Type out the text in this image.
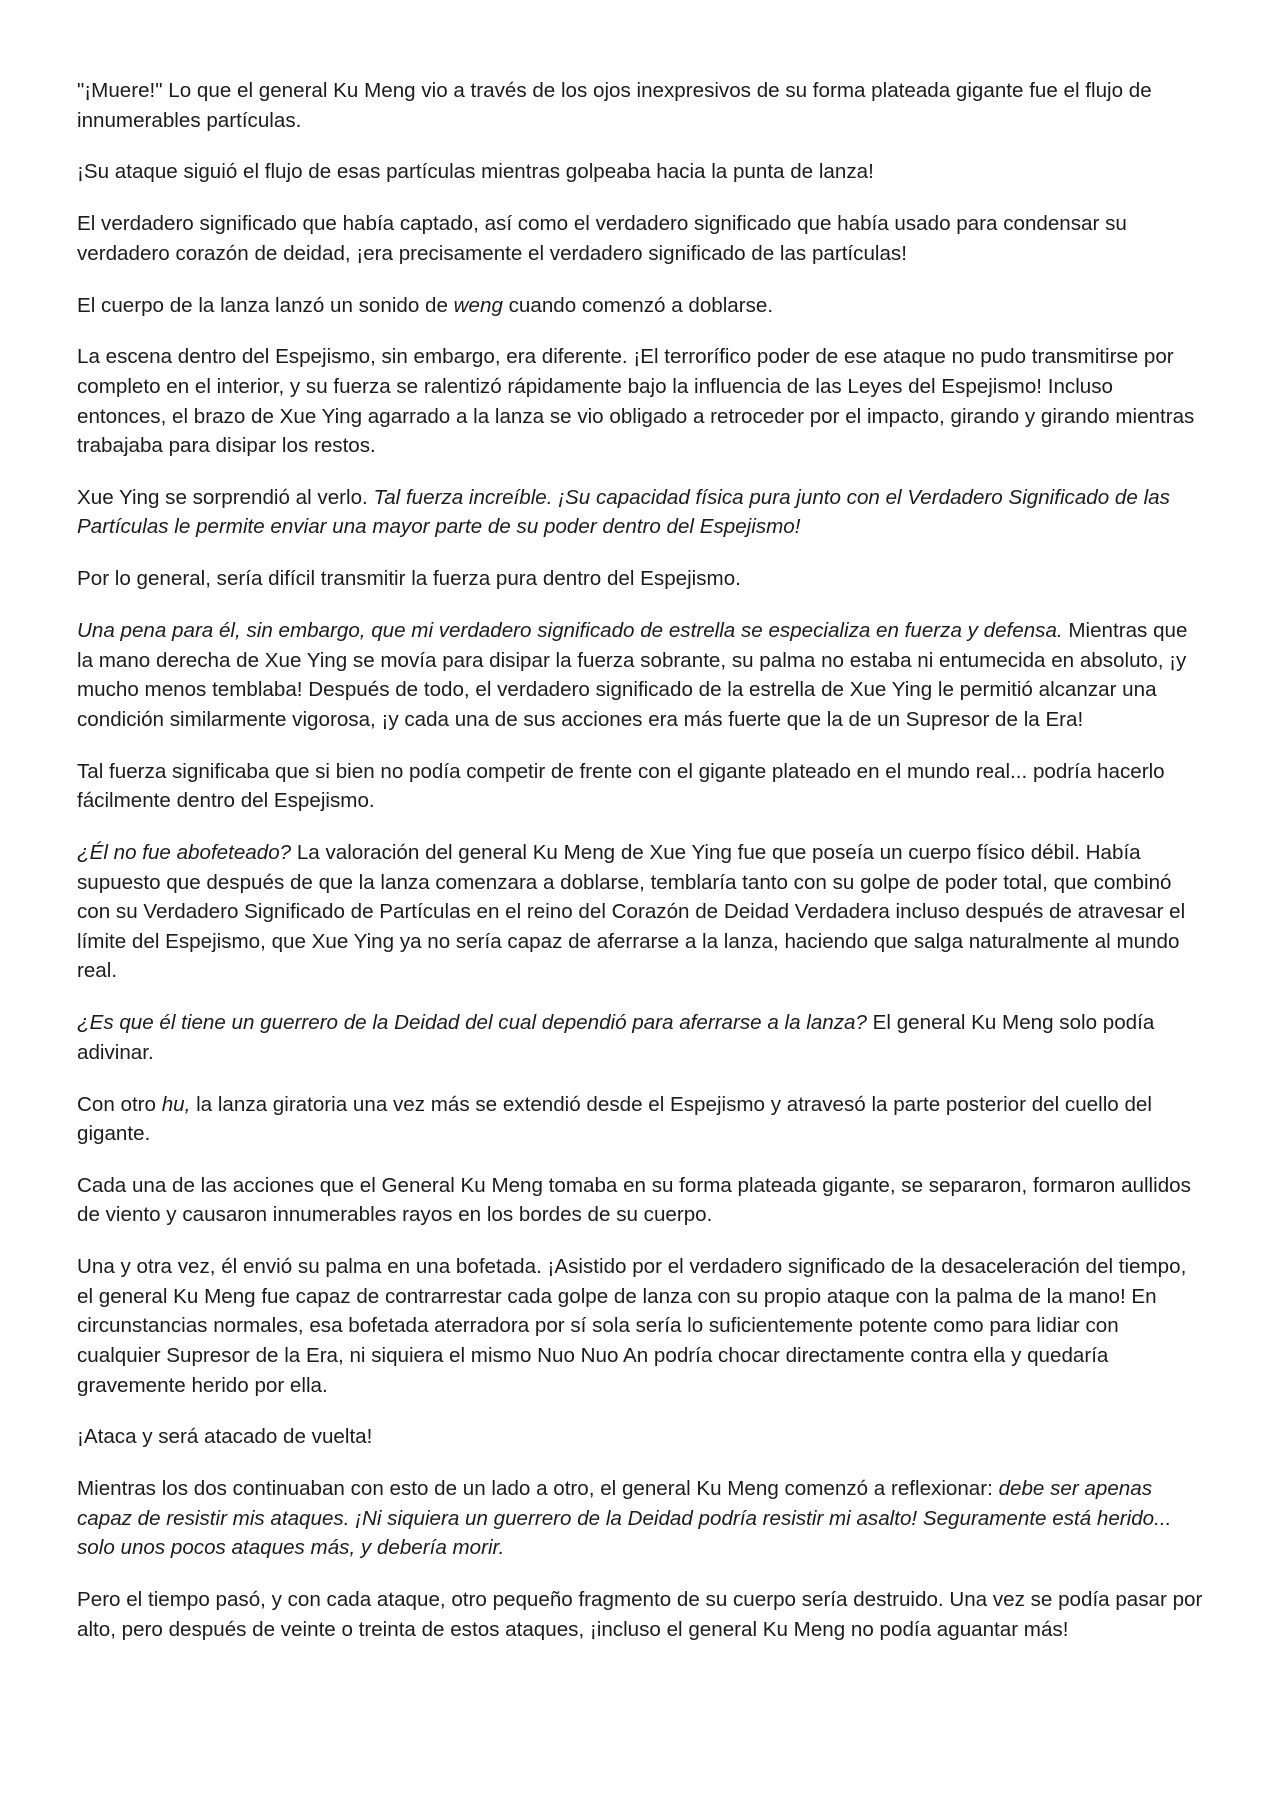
"¡Muere!" Lo que el general Ku Meng vio a través de los ojos inexpresivos de su forma plateada gigante fue el flujo de innumerables partículas.

¡Su ataque siguió el flujo de esas partículas mientras golpeaba hacia la punta de lanza!

El verdadero significado que había captado, así como el verdadero significado que había usado para condensar su verdadero corazón de deidad, ¡era precisamente el verdadero significado de las partículas!

El cuerpo de la lanza lanzó un sonido de weng cuando comenzó a doblarse.

La escena dentro del Espejismo, sin embargo, era diferente. ¡El terrorífico poder de ese ataque no pudo transmitirse por completo en el interior, y su fuerza se ralentizó rápidamente bajo la influencia de las Leyes del Espejismo! Incluso entonces, el brazo de Xue Ying agarrado a la lanza se vio obligado a retroceder por el impacto, girando y girando mientras trabajaba para disipar los restos.

Xue Ying se sorprendió al verlo. Tal fuerza increíble. ¡Su capacidad física pura junto con el Verdadero Significado de las Partículas le permite enviar una mayor parte de su poder dentro del Espejismo!

Por lo general, sería difícil transmitir la fuerza pura dentro del Espejismo.

Una pena para él, sin embargo, que mi verdadero significado de estrella se especializa en fuerza y defensa. Mientras que la mano derecha de Xue Ying se movía para disipar la fuerza sobrante, su palma no estaba ni entumecida en absoluto, ¡y mucho menos temblaba! Después de todo, el verdadero significado de la estrella de Xue Ying le permitió alcanzar una condición similarmente vigorosa, ¡y cada una de sus acciones era más fuerte que la de un Supresor de la Era!

Tal fuerza significaba que si bien no podía competir de frente con el gigante plateado en el mundo real... podría hacerlo fácilmente dentro del Espejismo.

¿Él no fue abofeteado? La valoración del general Ku Meng de Xue Ying fue que poseía un cuerpo físico débil. Había supuesto que después de que la lanza comenzara a doblarse, temblaría tanto con su golpe de poder total, que combinó con su Verdadero Significado de Partículas en el reino del Corazón de Deidad Verdadera incluso después de atravesar el límite del Espejismo, que Xue Ying ya no sería capaz de aferrarse a la lanza, haciendo que salga naturalmente al mundo real.

¿Es que él tiene un guerrero de la Deidad del cual dependió para aferrarse a la lanza? El general Ku Meng solo podía adivinar.

Con otro hu, la lanza giratoria una vez más se extendió desde el Espejismo y atravesó la parte posterior del cuello del gigante.

Cada una de las acciones que el General Ku Meng tomaba en su forma plateada gigante, se separaron, formaron aullidos de viento y causaron innumerables rayos en los bordes de su cuerpo.

Una y otra vez, él envió su palma en una bofetada. ¡Asistido por el verdadero significado de la desaceleración del tiempo, el general Ku Meng fue capaz de contrarrestar cada golpe de lanza con su propio ataque con la palma de la mano! En circunstancias normales, esa bofetada aterradora por sí sola sería lo suficientemente potente como para lidiar con cualquier Supresor de la Era, ni siquiera el mismo Nuo Nuo An podría chocar directamente contra ella y quedaría gravemente herido por ella.

¡Ataca y será atacado de vuelta!

Mientras los dos continuaban con esto de un lado a otro, el general Ku Meng comenzó a reflexionar: debe ser apenas capaz de resistir mis ataques. ¡Ni siquiera un guerrero de la Deidad podría resistir mi asalto! Seguramente está herido... solo unos pocos ataques más, y debería morir.

Pero el tiempo pasó, y con cada ataque, otro pequeño fragmento de su cuerpo sería destruido. Una vez se podía pasar por alto, pero después de veinte o treinta de estos ataques, ¡incluso el general Ku Meng no podía aguantar más!
